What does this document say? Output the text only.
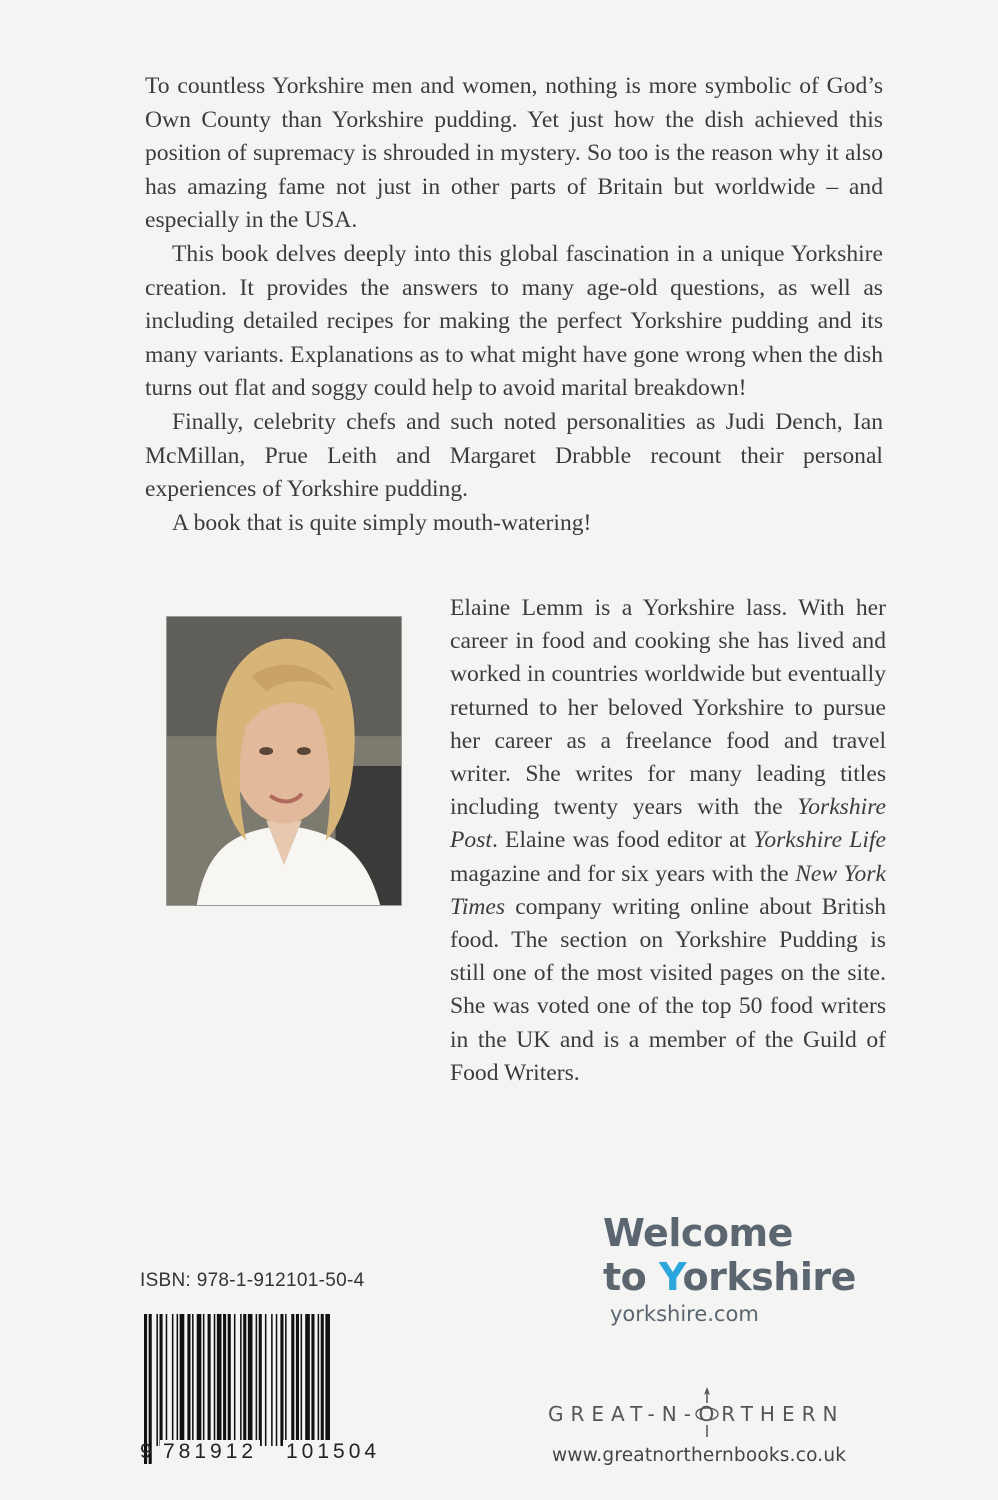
To countless Yorkshire men and women, nothing is more symbolic of God’s Own County than Yorkshire pudding. Yet just how the dish achieved this position of supremacy is shrouded in mystery. So too is the reason why it also has amazing fame not just in other parts of Britain but worldwide – and especially in the USA.

This book delves deeply into this global fascination in a unique Yorkshire creation. It provides the answers to many age-old questions, as well as including detailed recipes for making the perfect Yorkshire pudding and its many variants. Explanations as to what might have gone wrong when the dish turns out flat and soggy could help to avoid marital breakdown!

Finally, celebrity chefs and such noted personalities as Judi Dench, Ian McMillan, Prue Leith and Margaret Drabble recount their personal experiences of Yorkshire pudding.

A book that is quite simply mouth-watering!

Elaine Lemm is a Yorkshire lass. With her career in food and cooking she has lived and worked in countries worldwide but eventually returned to her beloved Yorkshire to pursue her career as a freelance food and travel writer. She writes for many leading titles including twenty years with the Yorkshire Post. Elaine was food editor at Yorkshire Life magazine and for six years with the New York Times company writing online about British food. The section on Yorkshire Pudding is still one of the most visited pages on the site. She was voted one of the top 50 food writers in the UK and is a member of the Guild of Food Writers.
ISBN: 978-1-912101-50-4
9 781912 101504
Welcome
to Yorkshire
yorkshire.com
GREAT-N-ORTHERN
www.greatnorthernbooks.co.uk
